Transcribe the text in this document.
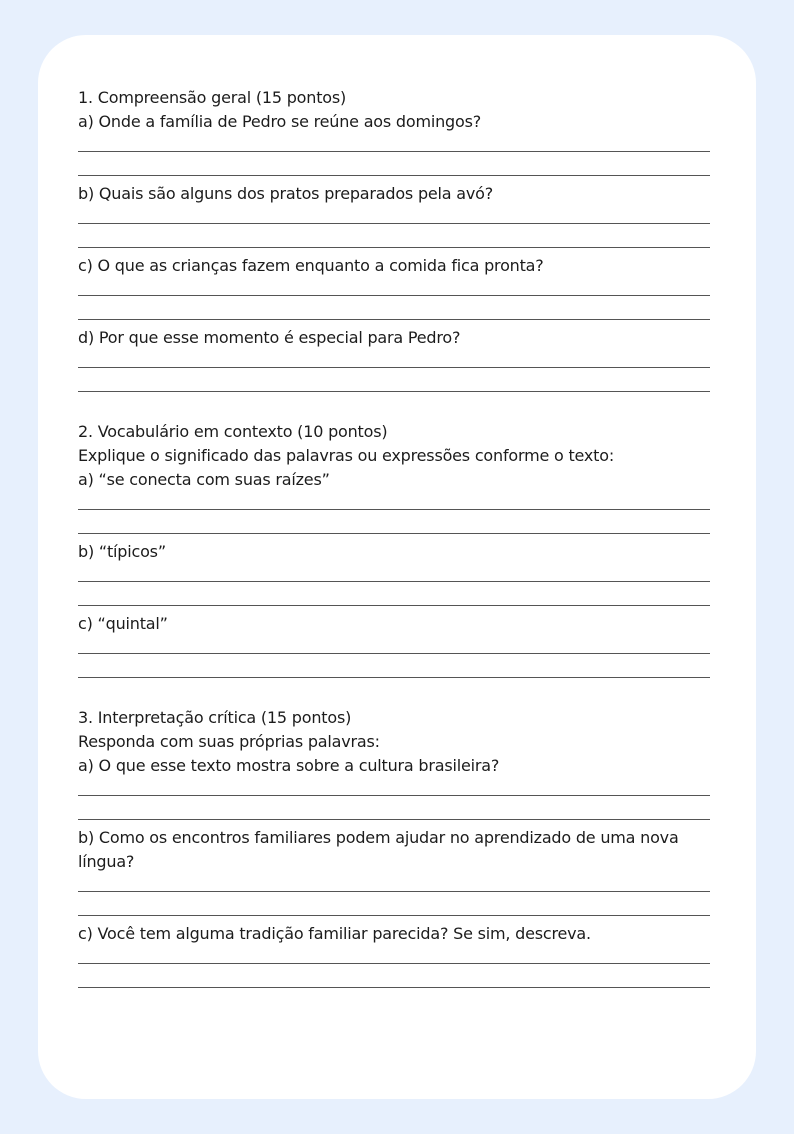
1. Compreensão geral (15 pontos)

a) Onde a família de Pedro se reúne aos domingos?

b) Quais são alguns dos pratos preparados pela avó?

c) O que as crianças fazem enquanto a comida fica pronta?

d) Por que esse momento é especial para Pedro?

2. Vocabulário em contexto (10 pontos)

Explique o significado das palavras ou expressões conforme o texto:

a) “se conecta com suas raízes”

b) “típicos”

c) “quintal”

3. Interpretação crítica (15 pontos)

Responda com suas próprias palavras:

a) O que esse texto mostra sobre a cultura brasileira?

b) Como os encontros familiares podem ajudar no aprendizado de uma nova língua?

c) Você tem alguma tradição familiar parecida? Se sim, descreva.
